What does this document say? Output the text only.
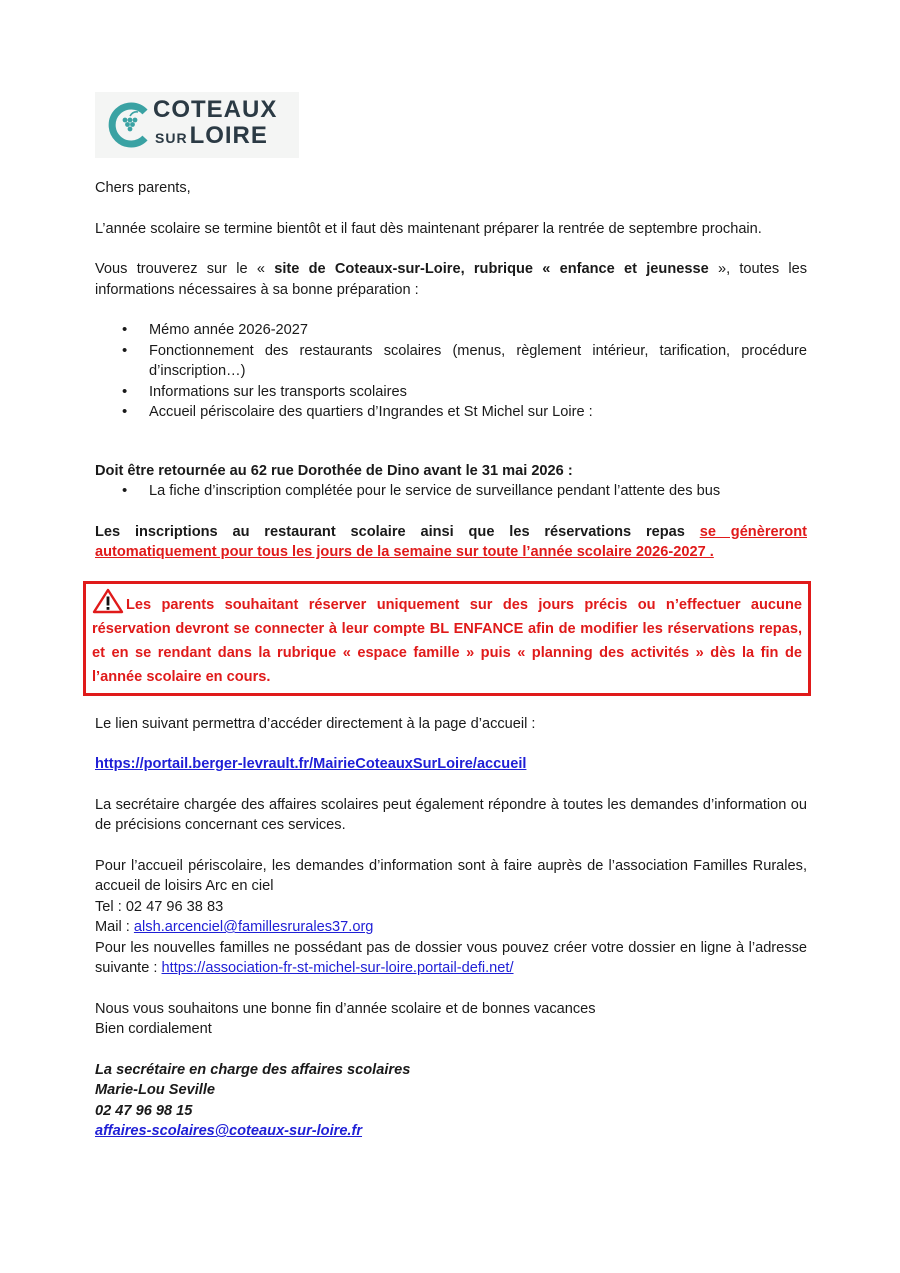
COTEAUX
SURLOIRE

Chers parents,

L’année scolaire se termine bientôt et il faut dès maintenant préparer la rentrée de septembre prochain.

Vous trouverez sur le « site de Coteaux-sur-Loire, rubrique « enfance et jeunesse », toutes les informations nécessaires à sa bonne préparation :

• Mémo année 2026-2027
• Fonctionnement des restaurants scolaires (menus, règlement intérieur, tarification, procédure d’inscription…)
• Informations sur les transports scolaires
• Accueil périscolaire des quartiers d’Ingrandes et St Michel sur Loire :

Doit être retournée au 62 rue Dorothée de Dino avant le 31 mai 2026 :

• La fiche d’inscription complétée pour le service de surveillance pendant l’attente des bus

Les inscriptions au restaurant scolaire ainsi que les réservations repas se génèreront automatiquement pour tous les jours de la semaine sur toute l’année scolaire 2026-2027 .

Les parents souhaitant réserver uniquement sur des jours précis ou n’effectuer aucune réservation devront se connecter à leur compte BL ENFANCE afin de modifier les réservations repas, et en se rendant dans la rubrique « espace famille » puis « planning des activités » dès la fin de l’année scolaire en cours.

Le lien suivant permettra d’accéder directement à la page d’accueil :

https://portail.berger-levrault.fr/MairieCoteauxSurLoire/accueil

La secrétaire chargée des affaires scolaires peut également répondre à toutes les demandes d’information ou de précisions concernant ces services.

Pour l’accueil périscolaire, les demandes d’information sont à faire auprès de l’association Familles Rurales, accueil de loisirs Arc en ciel

Tel : 02 47 96 38 83

Mail : alsh.arcenciel@famillesrurales37.org

Pour les nouvelles familles ne possédant pas de dossier vous pouvez créer votre dossier en ligne à l’adresse suivante : https://association-fr-st-michel-sur-loire.portail-defi.net/

Nous vous souhaitons une bonne fin d’année scolaire et de bonnes vacances

Bien cordialement

La secrétaire en charge des affaires scolaires

Marie-Lou Seville

02 47 96 98 15

affaires-scolaires@coteaux-sur-loire.fr
